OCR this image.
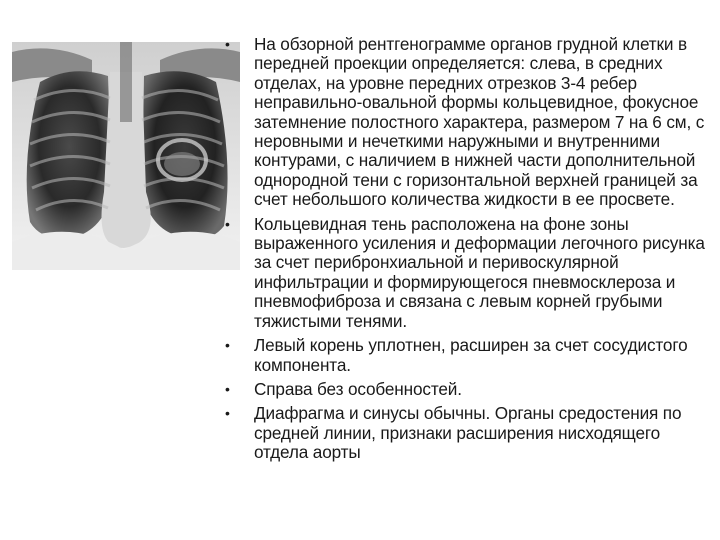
• На обзорной рентгенограмме органов грудной клетки в передней проекции определяется: слева, в средних отделах, на уровне передних отрезков 3-4 ребер неправильно-овальной формы кольцевидное, фокусное затемнение полостного характера, размером 7 на 6 см, с неровными и нечеткими наружными и внутренними контурами, с наличием в нижней части дополнительной однородной тени с горизонтальной верхней границей за счет небольшого количества жидкости в ее просвете.
• Кольцевидная тень расположена на фоне зоны выраженного усиления и деформации легочного рисунка за счет перибронхиальной и перивоскулярной инфильтрации и формирующегося пневмосклероза и пневмофиброза и связана с левым корней грубыми тяжистыми тенями.
• Левый корень уплотнен, расширен за счет сосудистого компонента.
• Справа без особенностей.
• Диафрагма и синусы обычны. Органы средостения по средней линии, признаки расширения нисходящего отдела аорты
